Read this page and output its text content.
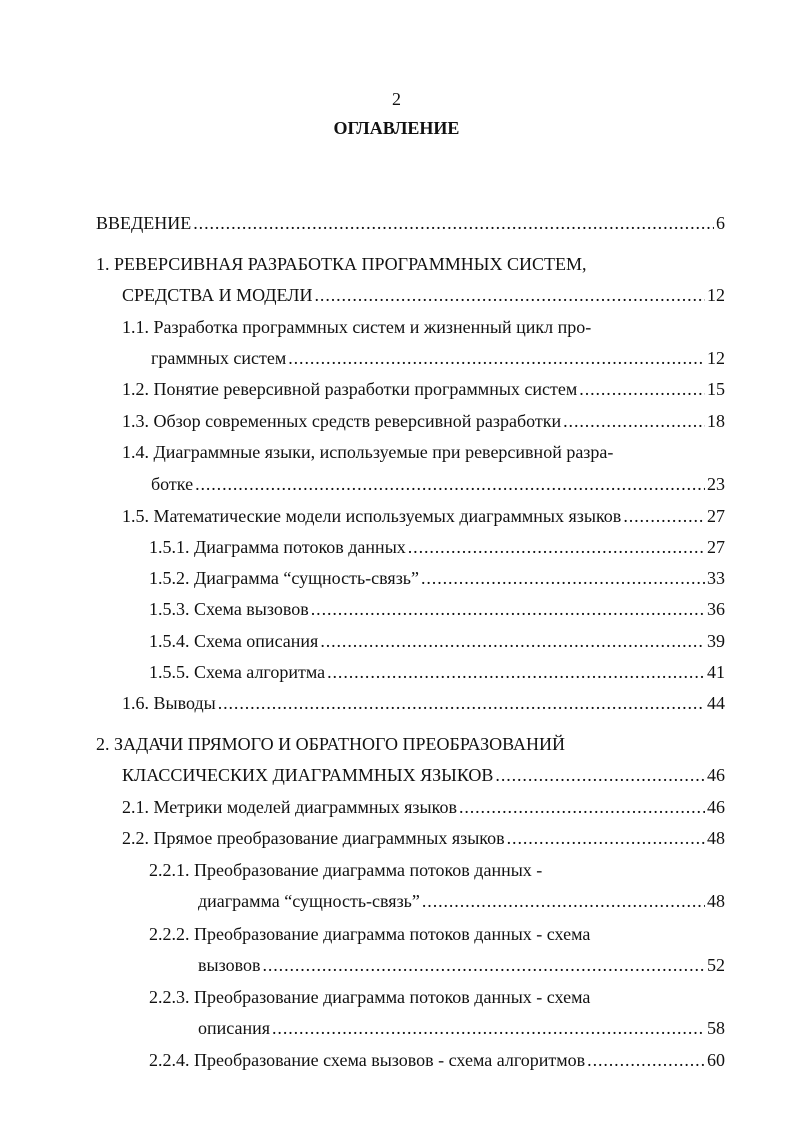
2
ОГЛАВЛЕНИЕ
ВВЕДЕНИЕ . . .	6
1. РЕВЕРСИВНАЯ РАЗРАБОТКА ПРОГРАММНЫХ СИСТЕМ,
СРЕДСТВА И МОДЕЛИ . . .	12
1.1. Разработка программных систем и жизненный цикл про-
граммных систем . . .	12
1.2. Понятие реверсивной разработки программных систем . . .	15
1.3. Обзор современных средств реверсивной разработки . . .	18
1.4. Диаграммные языки, используемые при реверсивной разра-
ботке . . .	23
1.5. Математические модели используемых диаграммных языков . . .	27
1.5.1. Диаграмма потоков данных . . .	27
1.5.2. Диаграмма “сущность-связь” . . .	33
1.5.3. Схема вызовов . . .	36
1.5.4. Схема описания . . .	39
1.5.5. Схема алгоритма . . .	41
1.6. Выводы . . .	44
2. ЗАДАЧИ ПРЯМОГО И ОБРАТНОГО ПРЕОБРАЗОВАНИЙ
КЛАССИЧЕСКИХ ДИАГРАММНЫХ ЯЗЫКОВ . . .	46
2.1. Метрики моделей диаграммных языков . . .	46
2.2. Прямое преобразование диаграммных языков . . .	48
2.2.1. Преобразование диаграмма потоков данных -
диаграмма “сущность-связь” . . .	48
2.2.2. Преобразование диаграмма потоков данных - схема
вызовов . . .	52
2.2.3. Преобразование диаграмма потоков данных - схема
описания . . .	58
2.2.4. Преобразование схема вызовов - схема алгоритмов . . .	60
